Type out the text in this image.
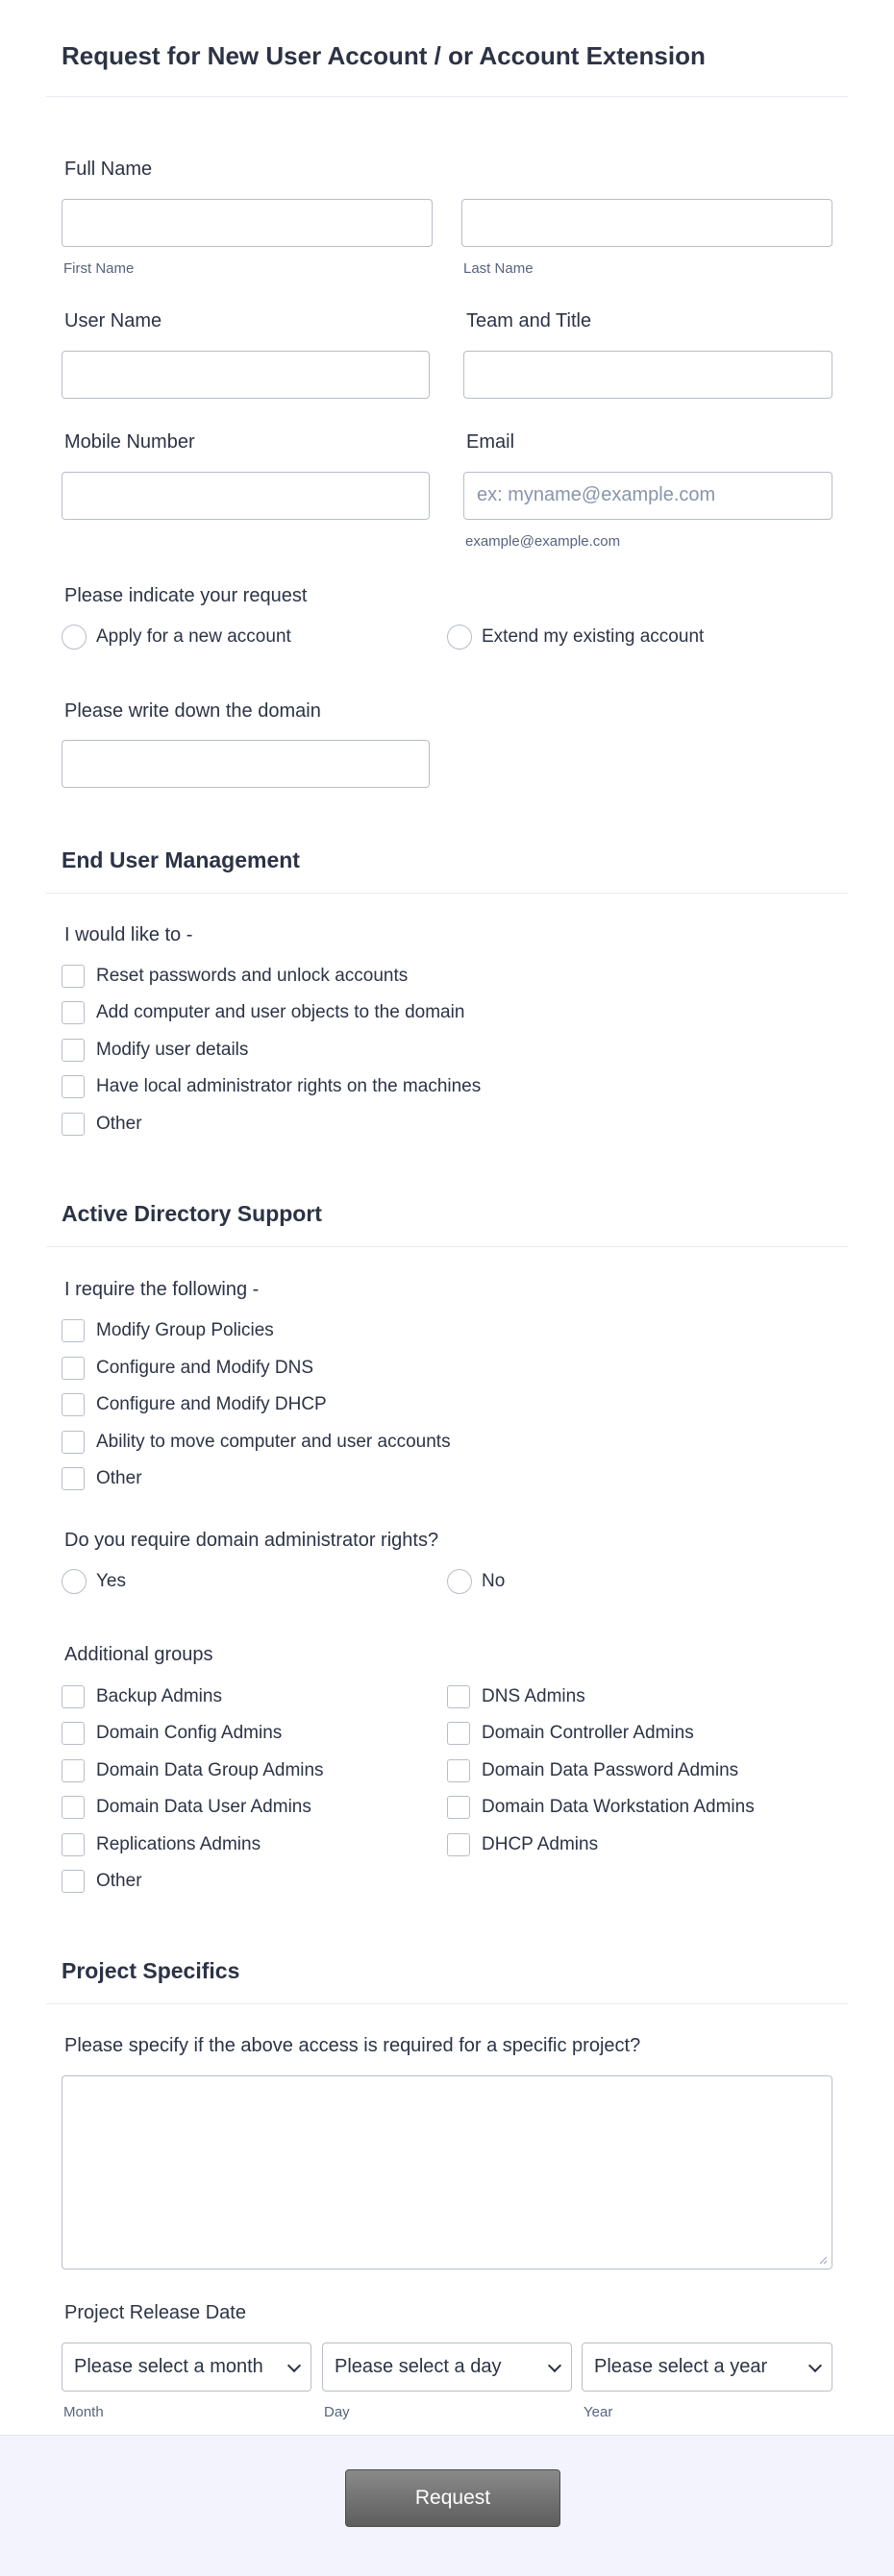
Request for New User Account / or Account Extension
Full Name
First Name	Last Name
User Name	Team and Title
Mobile Number	Email
ex: myname@example.com
example@example.com
Please indicate your request
Apply for a new account	Extend my existing account
Please write down the domain
End User Management
I would like to -
Reset passwords and unlock accounts
Add computer and user objects to the domain
Modify user details
Have local administrator rights on the machines
Other
Active Directory Support
I require the following -
Modify Group Policies
Configure and Modify DNS
Configure and Modify DHCP
Ability to move computer and user accounts
Other
Do you require domain administrator rights?
Yes	No
Additional groups
Backup Admins	DNS Admins
Domain Config Admins	Domain Controller Admins
Domain Data Group Admins	Domain Data Password Admins
Domain Data User Admins	Domain Data Workstation Admins
Replications Admins	DHCP Admins
Other
Project Specifics
Please specify if the above access is required for a specific project?
Project Release Date
Please select a month	Please select a day	Please select a year
Month	Day	Year
Request
